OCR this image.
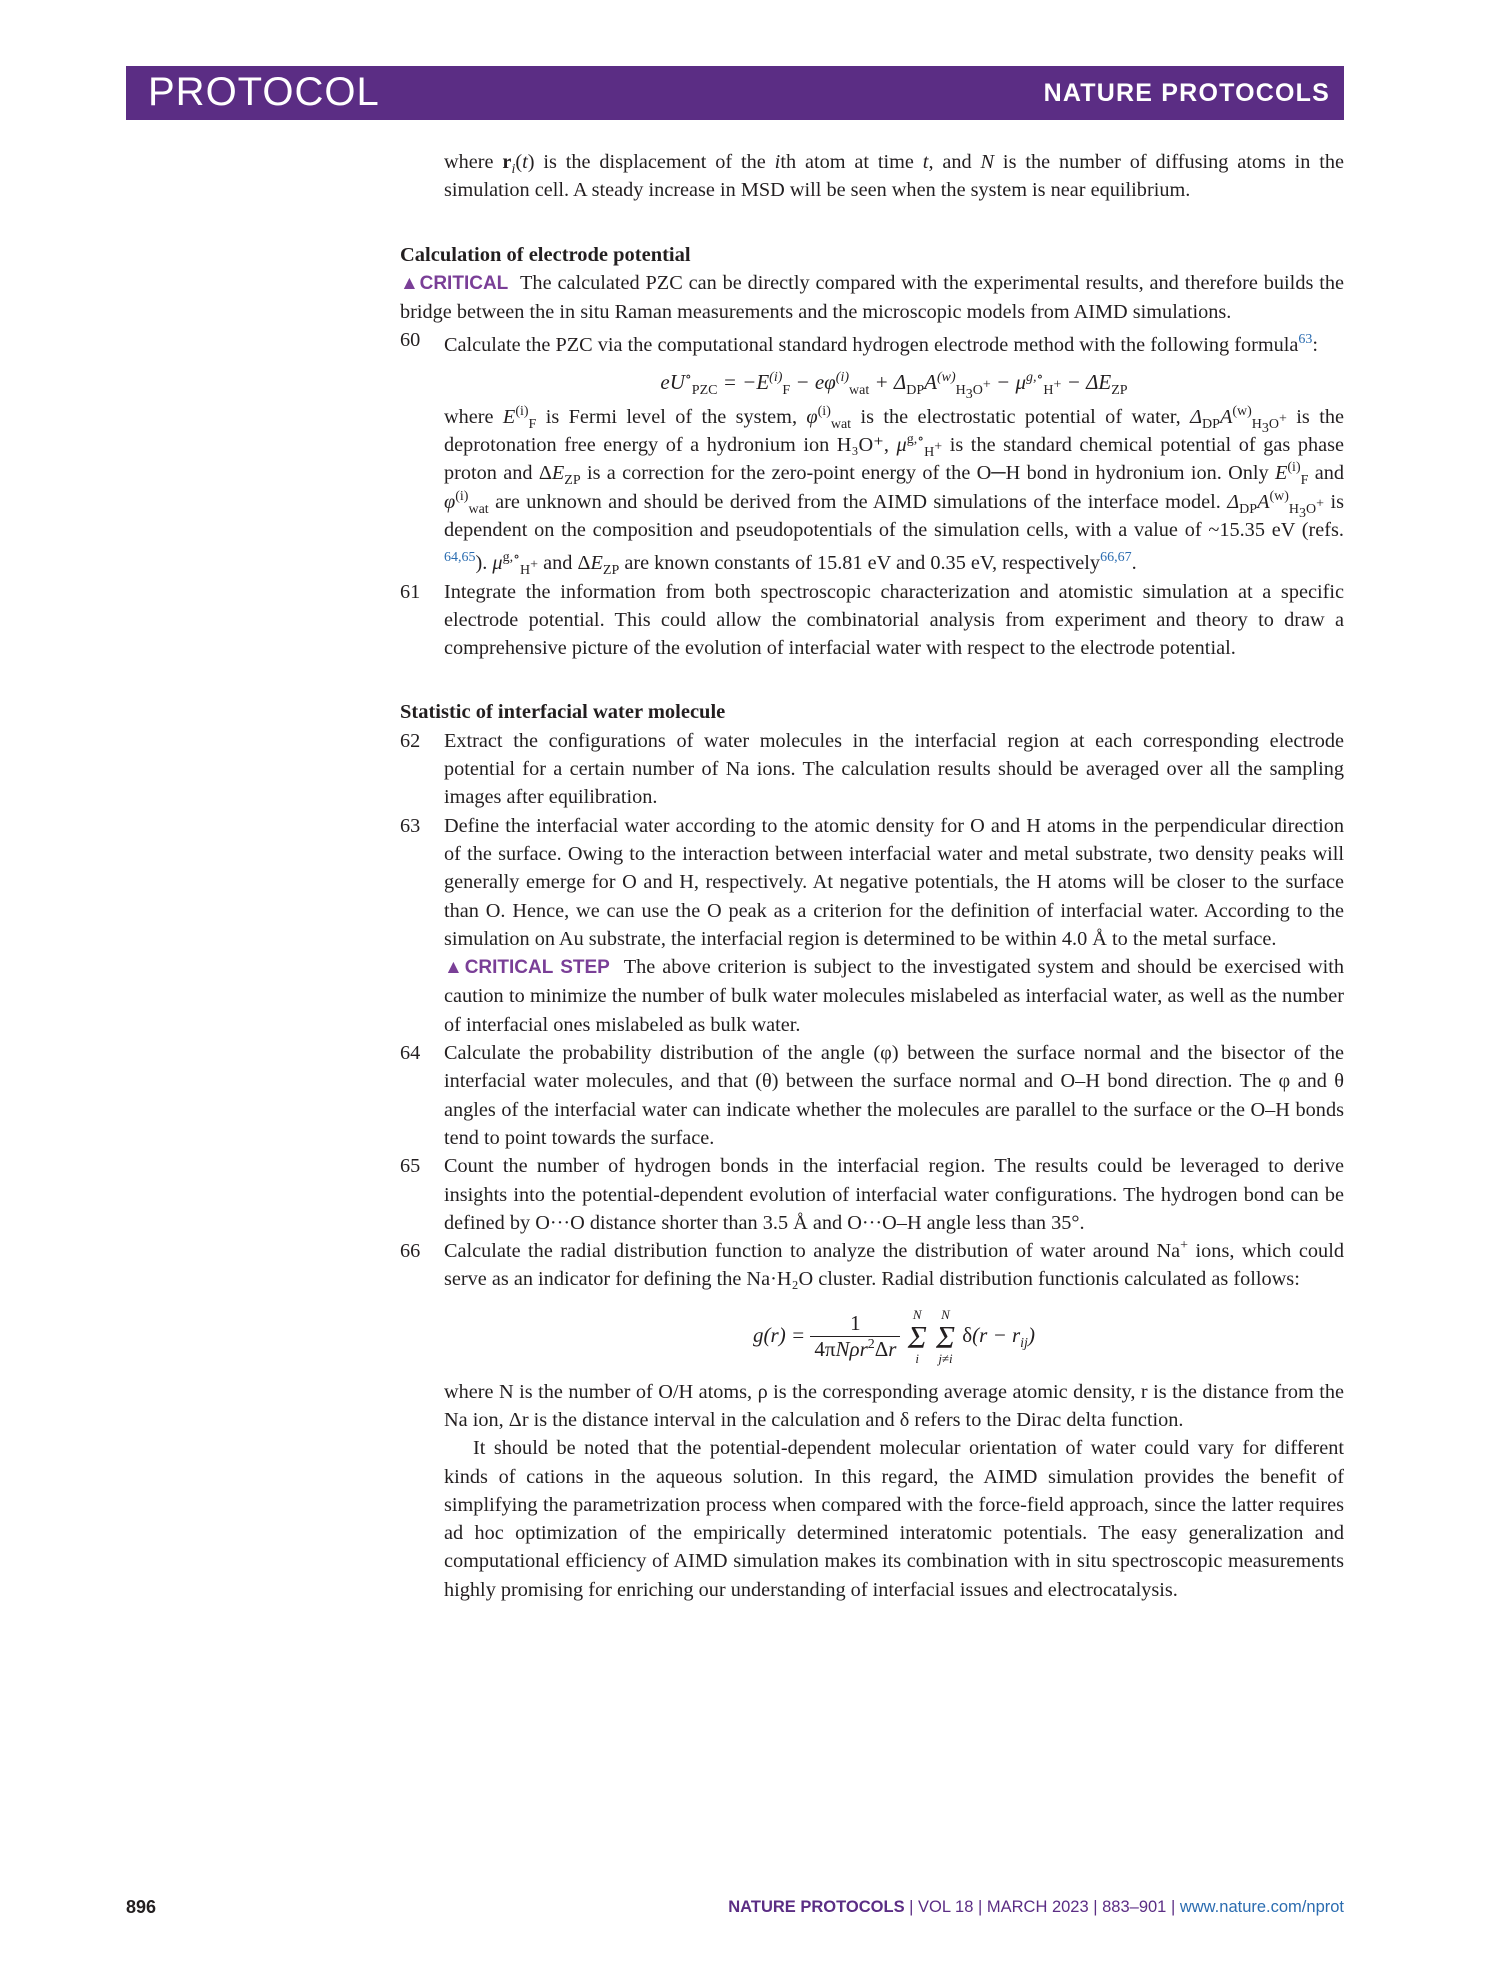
PROTOCOL	NATURE PROTOCOLS

where $r_i(t)$ is the displacement of the ith atom at time t, and N is the number of diffusing atoms in the simulation cell. A steady increase in MSD will be seen when the system is near equilibrium.

Calculation of electrode potential

▲CRITICAL The calculated PZC can be directly compared with the experimental results, and therefore builds the bridge between the in situ Raman measurements and the microscopic models from AIMD simulations.

60 Calculate the PZC via the computational standard hydrogen electrode method with the following formula$^{63}$:

$eU^\circ_{PZC} = -E^{(i)}_F - e\varphi^{(i)}_{wat} + \Delta_{DP}A^{(w)}_{H_3O^+} - \mu^{g,\circ}_{H^+} - \Delta E_{ZP}$

where $E^{(i)}_F$ is Fermi level of the system, $\varphi^{(i)}_{wat}$ is the electrostatic potential of water, $\Delta_{DP}A^{(w)}_{H_3O^+}$ is the deprotonation free energy of a hydronium ion H₃O⁺, $\mu^{g,\circ}_{H^+}$ is the standard chemical potential of gas phase proton and $\Delta E_{ZP}$ is a correction for the zero-point energy of the O─H bond in hydronium ion. Only $E^{(i)}_F$ and $\varphi^{(i)}_{wat}$ are unknown and should be derived from the AIMD simulations of the interface model. $\Delta_{DP}A^{(w)}_{H_3O^+}$ is dependent on the composition and pseudopotentials of the simulation cells, with a value of ~15.35 eV (refs. $^{64,65}$). $\mu^{g,\circ}_{H^+}$ and $\Delta E_{ZP}$ are known constants of 15.81 eV and 0.35 eV, respectively$^{66,67}$.

61 Integrate the information from both spectroscopic characterization and atomistic simulation at a specific electrode potential. This could allow the combinatorial analysis from experiment and theory to draw a comprehensive picture of the evolution of interfacial water with respect to the electrode potential.

Statistic of interfacial water molecule

62 Extract the configurations of water molecules in the interfacial region at each corresponding electrode potential for a certain number of Na ions. The calculation results should be averaged over all the sampling images after equilibration.

63 Define the interfacial water according to the atomic density for O and H atoms in the perpendicular direction of the surface. Owing to the interaction between interfacial water and metal substrate, two density peaks will generally emerge for O and H, respectively. At negative potentials, the H atoms will be closer to the surface than O. Hence, we can use the O peak as a criterion for the definition of interfacial water. According to the simulation on Au substrate, the interfacial region is determined to be within 4.0 Å to the metal surface.

▲CRITICAL STEP The above criterion is subject to the investigated system and should be exercised with caution to minimize the number of bulk water molecules mislabeled as interfacial water, as well as the number of interfacial ones mislabeled as bulk water.

64 Calculate the probability distribution of the angle (φ) between the surface normal and the bisector of the interfacial water molecules, and that (θ) between the surface normal and O–H bond direction. The φ and θ angles of the interfacial water can indicate whether the molecules are parallel to the surface or the O–H bonds tend to point towards the surface.

65 Count the number of hydrogen bonds in the interfacial region. The results could be leveraged to derive insights into the potential-dependent evolution of interfacial water configurations. The hydrogen bond can be defined by O···O distance shorter than 3.5 Å and O···O–H angle less than 35°.

66 Calculate the radial distribution function to analyze the distribution of water around Na+ ions, which could serve as an indicator for defining the Na·H₂O cluster. Radial distribution functionis calculated as follows:

$g(r) = \frac{1}{4\pi N\rho r^2\Delta r}$
N
Σ
i

N
Σ
j≠i
$\delta(r - r_{ij})$

where N is the number of O/H atoms, ρ is the corresponding average atomic density, r is the distance from the Na ion, Δr is the distance interval in the calculation and δ refers to the Dirac delta function.

It should be noted that the potential-dependent molecular orientation of water could vary for different kinds of cations in the aqueous solution. In this regard, the AIMD simulation provides the benefit of simplifying the parametrization process when compared with the force-field approach, since the latter requires ad hoc optimization of the empirically determined interatomic potentials. The easy generalization and computational efficiency of AIMD simulation makes its combination with in situ spectroscopic measurements highly promising for enriching our understanding of interfacial issues and electrocatalysis.

896	NATURE PROTOCOLS | VOL 18 | MARCH 2023 | 883–901 | www.nature.com/nprot
